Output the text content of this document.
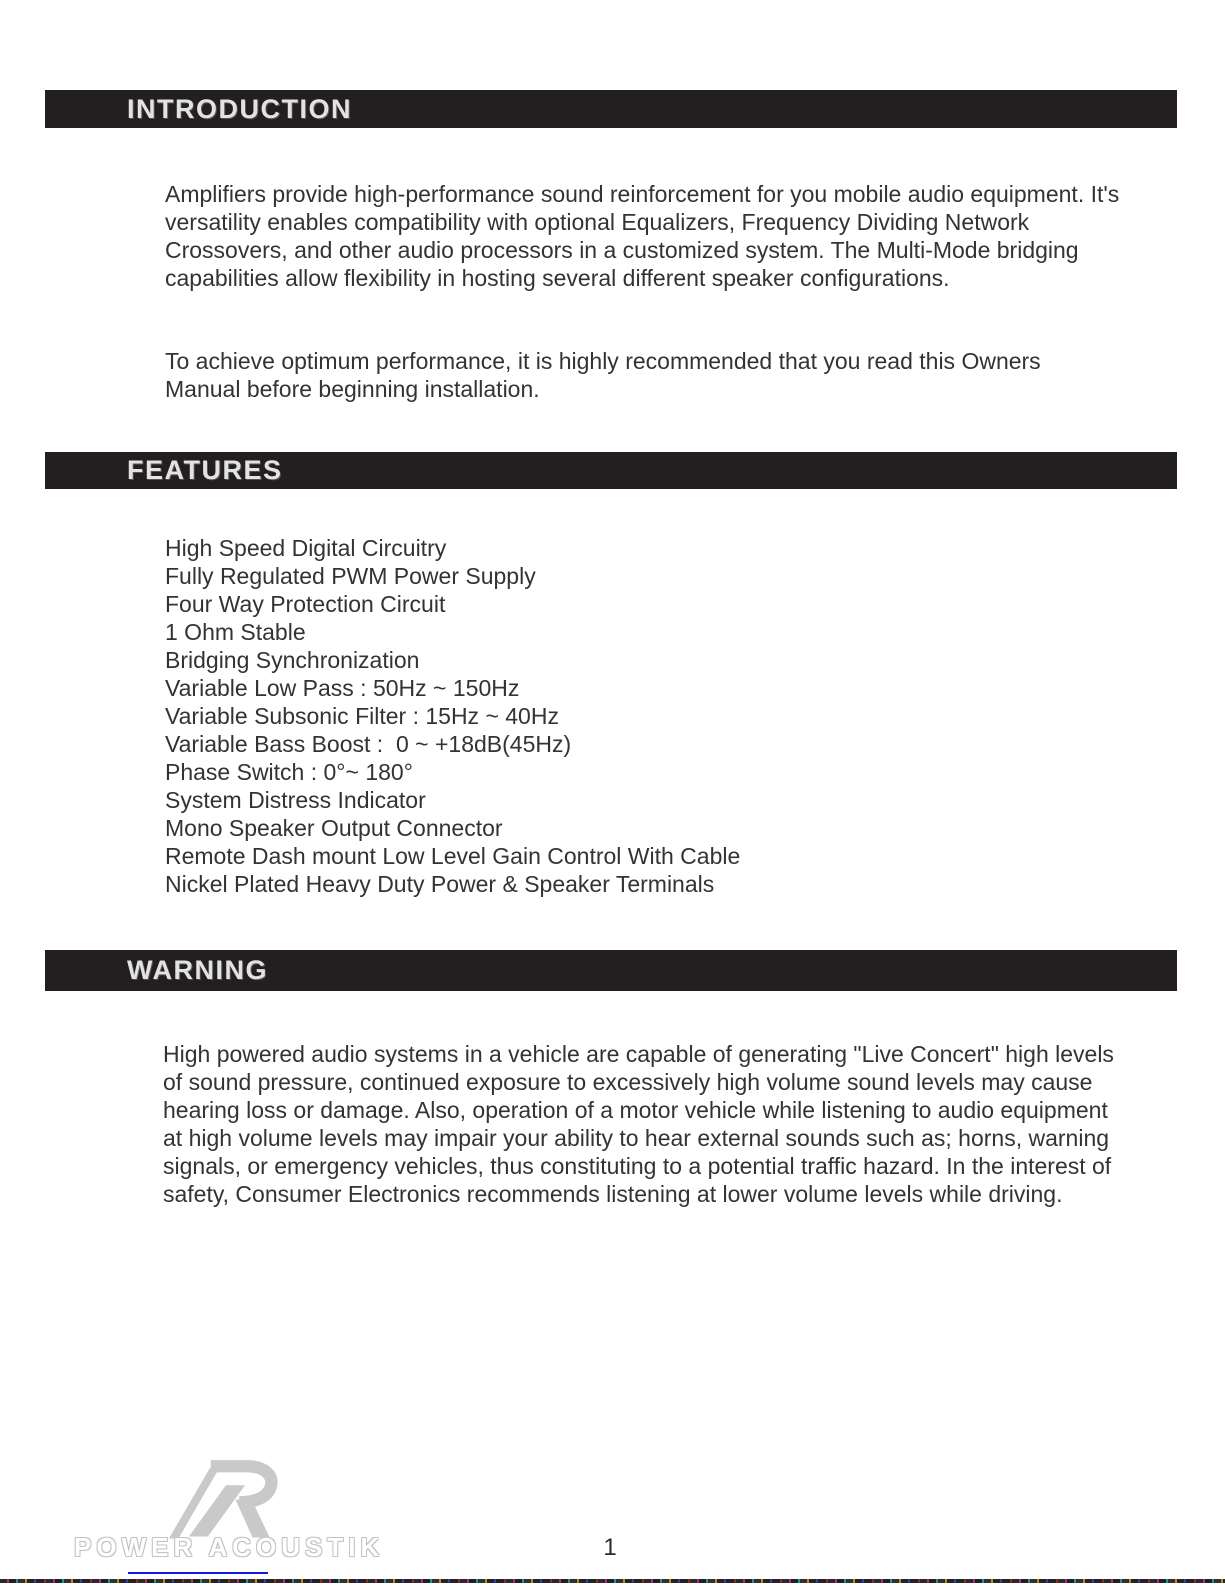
INTRODUCTION

Amplifiers provide high-performance sound reinforcement for you mobile audio equipment. It's versatility enables compatibility with optional Equalizers, Frequency Dividing Network Crossovers, and other audio processors in a customized system. The Multi-Mode bridging capabilities allow flexibility in hosting several different speaker configurations.

To achieve optimum performance, it is highly recommended that you read this Owners Manual before beginning installation.

FEATURES
High Speed Digital Circuitry
Fully Regulated PWM Power Supply
Four Way Protection Circuit
1 Ohm Stable
Bridging Synchronization
Variable Low Pass : 50Hz ~ 150Hz
Variable Subsonic Filter : 15Hz ~ 40Hz
Variable Bass Boost :  0 ~ +18dB(45Hz)
Phase Switch : 0°~ 180°
System Distress Indicator
Mono Speaker Output Connector
Remote Dash mount Low Level Gain Control With Cable
Nickel Plated Heavy Duty Power & Speaker Terminals
WARNING

High powered audio systems in a vehicle are capable of generating "Live Concert" high levels of sound pressure, continued exposure to excessively high volume sound levels may cause hearing loss or damage. Also, operation of a motor vehicle while listening to audio equipment at high volume levels may impair your ability to hear external sounds such as; horns, warning signals, or emergency vehicles, thus constituting to a potential traffic hazard. In the interest of safety, Consumer Electronics recommends listening at lower volume levels while driving.

POWER ACOUSTIK	1
